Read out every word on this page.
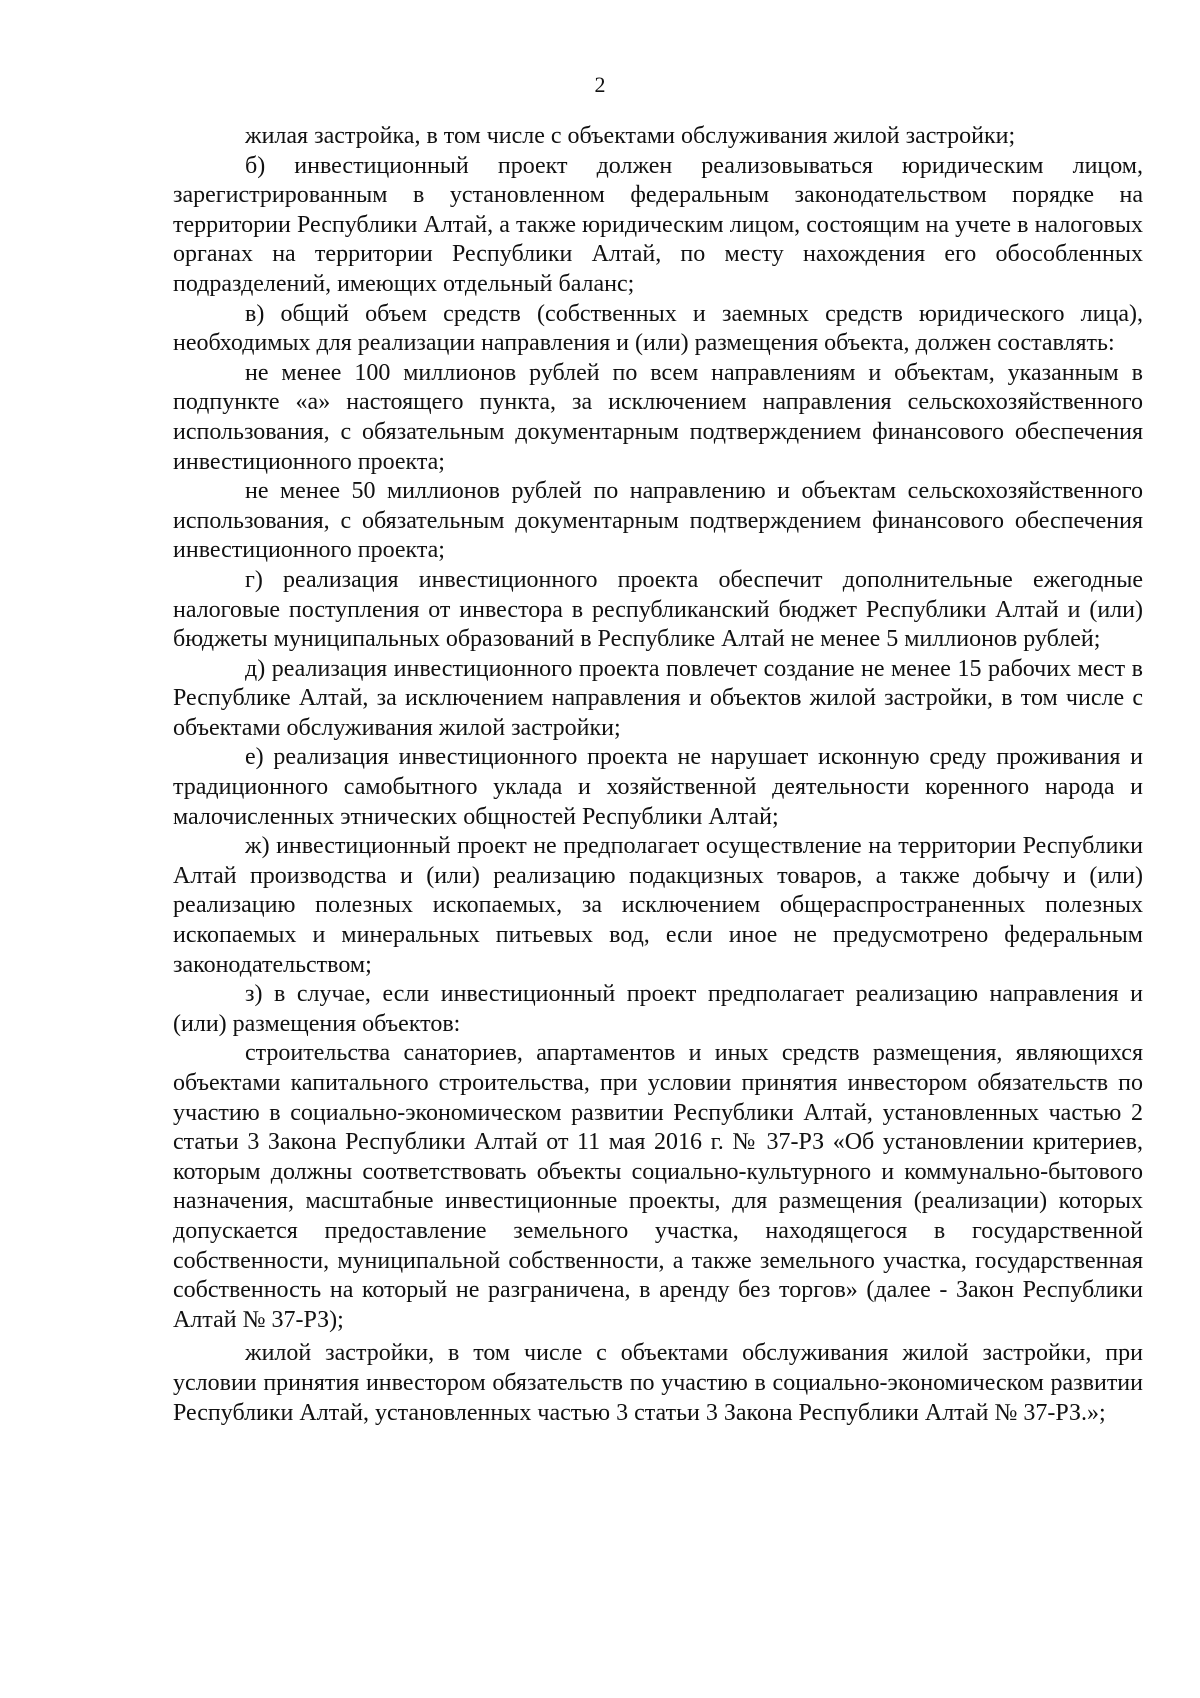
2

жилая застройка, в том числе с объектами обслуживания жилой застройки;

б) инвестиционный проект должен реализовываться юридическим лицом, зарегистрированным в установленном федеральным законодательством порядке на территории Республики Алтай, а также юридическим лицом, состоящим на учете в налоговых органах на территории Республики Алтай, по месту нахождения его обособленных подразделений, имеющих отдельный баланс;

в) общий объем средств (собственных и заемных средств юридического лица), необходимых для реализации направления и (или) размещения объекта, должен составлять:

не менее 100 миллионов рублей по всем направлениям и объектам, указанным в подпункте «а» настоящего пункта, за исключением направления сельскохозяйственного использования, с обязательным документарным подтверждением финансового обеспечения инвестиционного проекта;

не менее 50 миллионов рублей по направлению и объектам сельскохозяйственного использования, с обязательным документарным подтверждением финансового обеспечения инвестиционного проекта;

г) реализация инвестиционного проекта обеспечит дополнительные ежегодные налоговые поступления от инвестора в республиканский бюджет Республики Алтай и (или) бюджеты муниципальных образований в Республике Алтай не менее 5 миллионов рублей;

д) реализация инвестиционного проекта повлечет создание не менее 15 рабочих мест в Республике Алтай, за исключением направления и объектов жилой застройки, в том числе с объектами обслуживания жилой застройки;

е) реализация инвестиционного проекта не нарушает исконную среду проживания и традиционного самобытного уклада и хозяйственной деятельности коренного народа и малочисленных этнических общностей Республики Алтай;

ж) инвестиционный проект не предполагает осуществление на территории Республики Алтай производства и (или) реализацию подакцизных товаров, а также добычу и (или) реализацию полезных ископаемых, за исключением общераспространенных полезных ископаемых и минеральных питьевых вод, если иное не предусмотрено федеральным законодательством;

з) в случае, если инвестиционный проект предполагает реализацию направления и (или) размещения объектов:

строительства санаториев, апартаментов и иных средств размещения, являющихся объектами капитального строительства, при условии принятия инвестором обязательств по участию в социально-экономическом развитии Республики Алтай, установленных частью 2 статьи 3 Закона Республики Алтай от 11 мая 2016 г. № 37-РЗ «Об установлении критериев, которым должны соответствовать объекты социально-культурного и коммунально-бытового назначения, масштабные инвестиционные проекты, для размещения (реализации) которых допускается предоставление земельного участка, находящегося в государственной собственности, муниципальной собственности, а также земельного участка, государственная собственность на который не разграничена, в аренду без торгов» (далее - Закон Республики Алтай № 37-РЗ);

жилой застройки, в том числе с объектами обслуживания жилой застройки, при условии принятия инвестором обязательств по участию в социально-экономическом развитии Республики Алтай, установленных частью 3 статьи 3 Закона Республики Алтай № 37-РЗ.»;
